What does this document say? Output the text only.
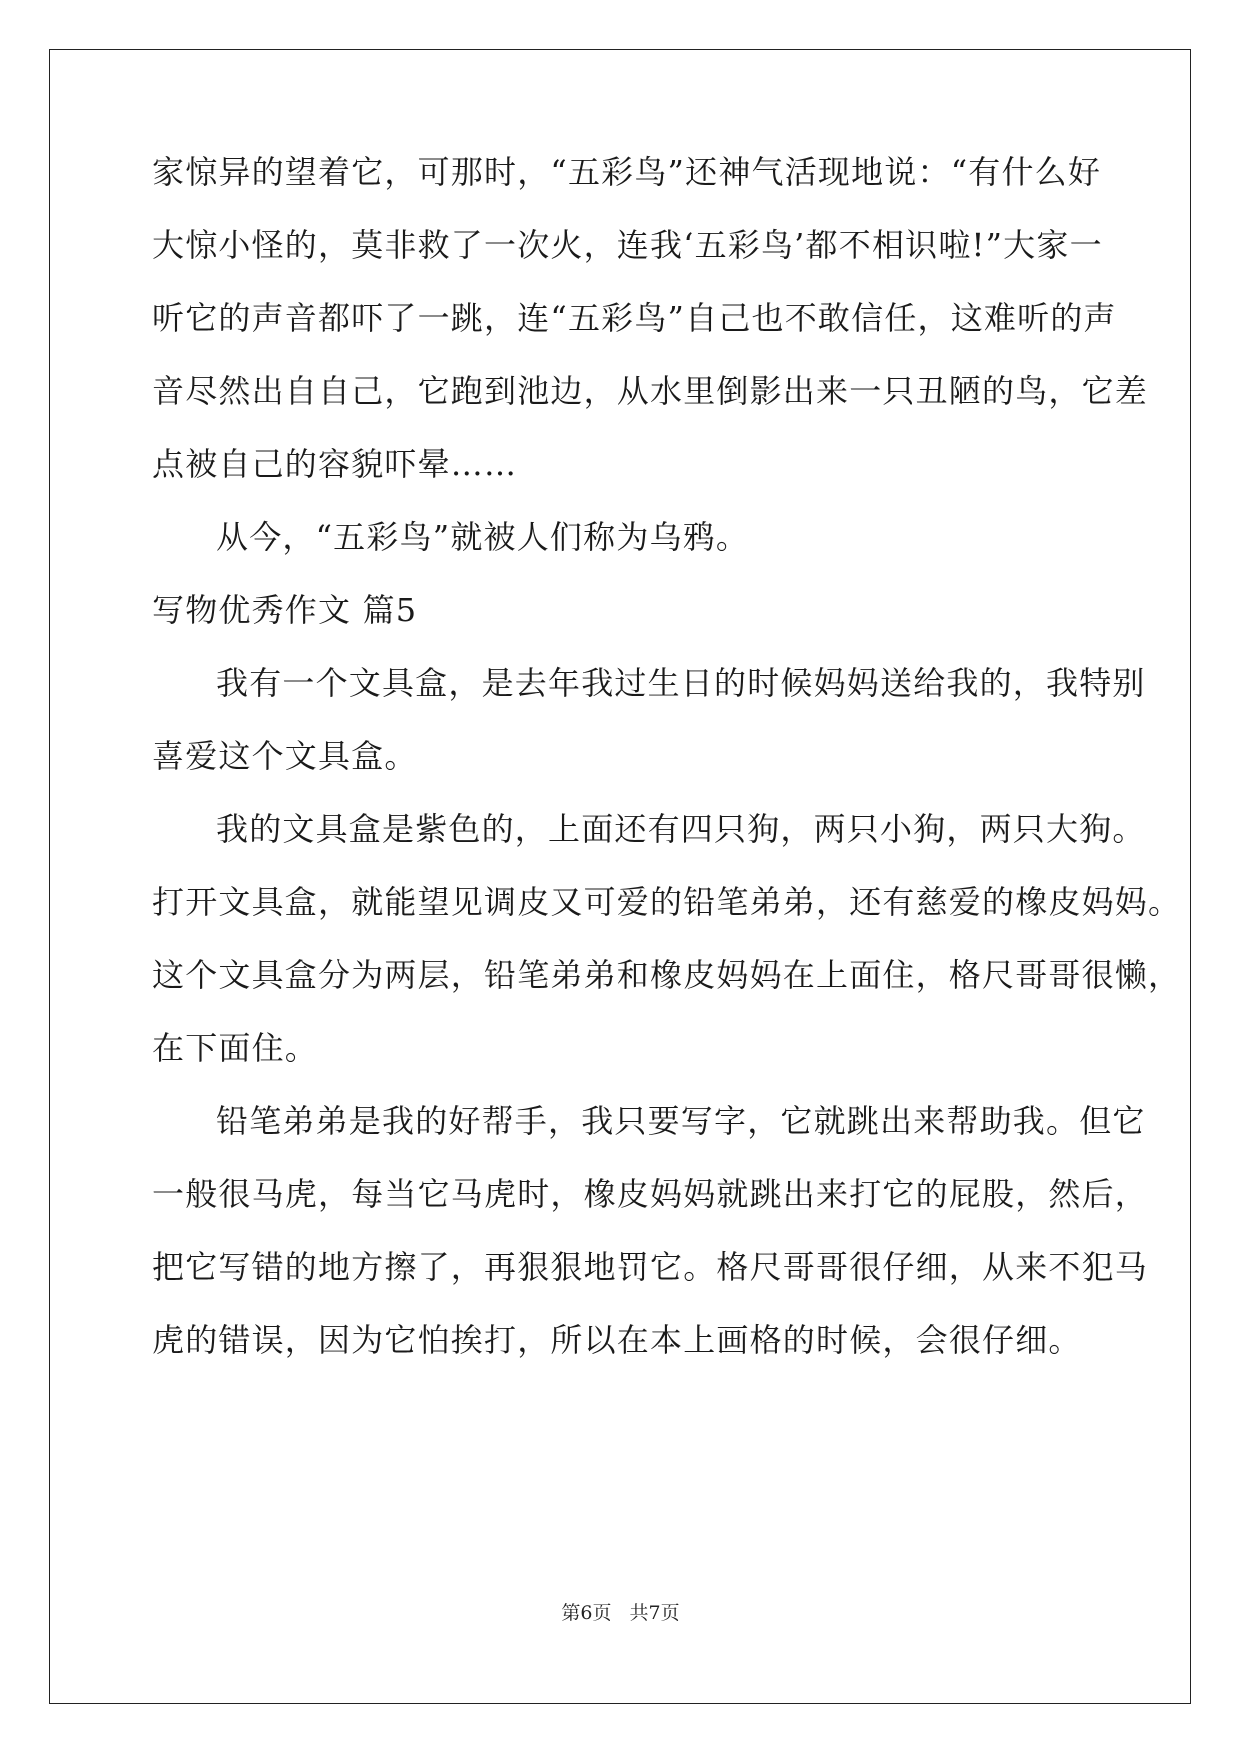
家惊异的望着它，可那时，“五彩鸟”还神气活现地说：“有什么好
大惊小怪的，莫非救了一次火，连我‘五彩鸟’都不相识啦!”大家一
听它的声音都吓了一跳，连“五彩鸟”自己也不敢信任，这难听的声
音尽然出自自己，它跑到池边，从水里倒影出来一只丑陋的鸟，它差
点被自己的容貌吓晕……
从今，“五彩鸟”就被人们称为乌鸦。
写物优秀作文 篇5
我有一个文具盒，是去年我过生日的时候妈妈送给我的，我特别
喜爱这个文具盒。
我的文具盒是紫色的，上面还有四只狗，两只小狗，两只大狗。
打开文具盒，就能望见调皮又可爱的铅笔弟弟，还有慈爱的橡皮妈妈。
这个文具盒分为两层，铅笔弟弟和橡皮妈妈在上面住，格尺哥哥很懒，
在下面住。
铅笔弟弟是我的好帮手，我只要写字，它就跳出来帮助我。但它
一般很马虎，每当它马虎时，橡皮妈妈就跳出来打它的屁股，然后，
把它写错的地方擦了，再狠狠地罚它。格尺哥哥很仔细，从来不犯马
虎的错误，因为它怕挨打，所以在本上画格的时候，会很仔细。
第6页 共7页
